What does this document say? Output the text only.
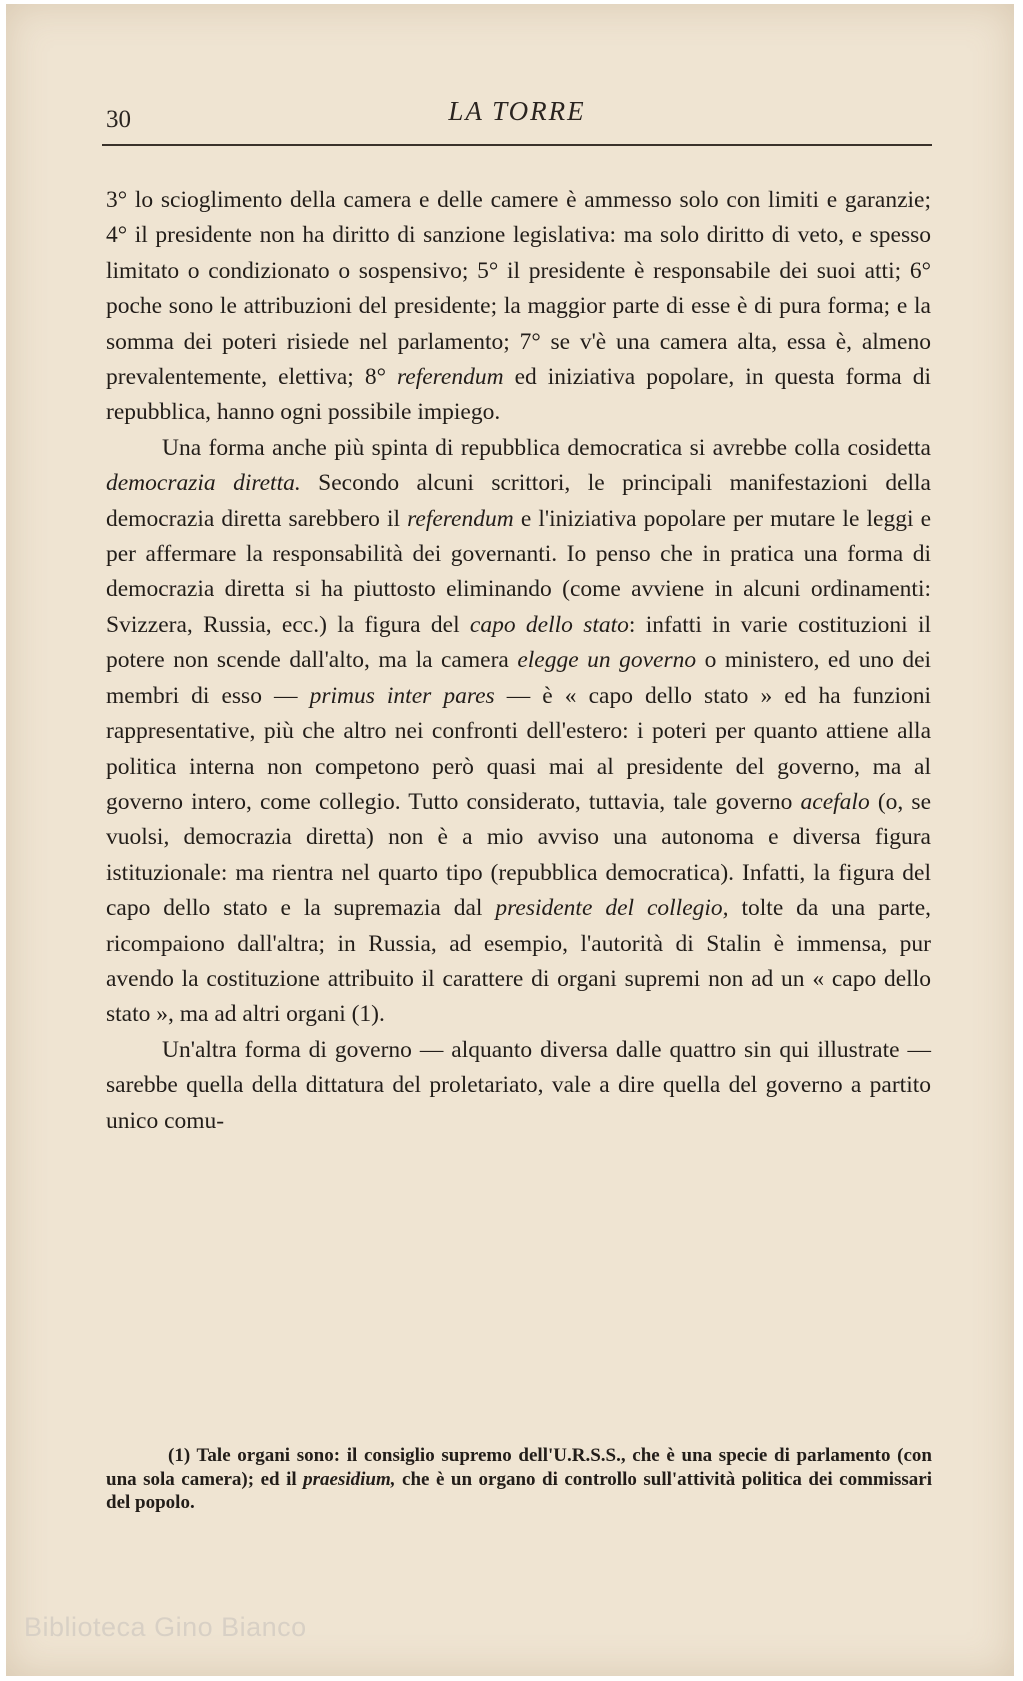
30	LA TORRE

3° lo scioglimento della camera e delle camere è ammesso solo con limiti e garanzie; 4° il presidente non ha diritto di sanzione legislativa: ma solo diritto di veto, e spesso limitato o condizionato o sospensivo; 5° il presidente è responsabile dei suoi atti; 6° poche sono le attribuzioni del presidente; la maggior parte di esse è di pura forma; e la somma dei poteri risiede nel parlamento; 7° se v'è una camera alta, essa è, almeno prevalentemente, elettiva; 8° referendum ed iniziativa popolare, in questa forma di repubblica, hanno ogni possibile impiego.

Una forma anche più spinta di repubblica democratica si avrebbe colla cosidetta democrazia diretta. Secondo alcuni scrittori, le principali manifestazioni della democrazia diretta sarebbero il referendum e l'iniziativa popolare per mutare le leggi e per affermare la responsabilità dei governanti. Io penso che in pratica una forma di democrazia diretta si ha piuttosto eliminando (come avviene in alcuni ordinamenti: Svizzera, Russia, ecc.) la figura del capo dello stato: infatti in varie costituzioni il potere non scende dall'alto, ma la camera elegge un governo o ministero, ed uno dei membri di esso — primus inter pares — è « capo dello stato » ed ha funzioni rappresentative, più che altro nei confronti dell'estero: i poteri per quanto attiene alla politica interna non competono però quasi mai al presidente del governo, ma al governo intero, come collegio. Tutto considerato, tuttavia, tale governo acefalo (o, se vuolsi, democrazia diretta) non è a mio avviso una autonoma e diversa figura istituzionale: ma rientra nel quarto tipo (repubblica democratica). Infatti, la figura del capo dello stato e la supremazia dal presidente del collegio, tolte da una parte, ricompaiono dall'altra; in Russia, ad esempio, l'autorità di Stalin è immensa, pur avendo la costituzione attribuito il carattere di organi supremi non ad un « capo dello stato », ma ad altri organi (1).

Un'altra forma di governo — alquanto diversa dalle quattro sin qui illustrate — sarebbe quella della dittatura del proletariato, vale a dire quella del governo a partito unico comu-

(1) Tale organi sono: il consiglio supremo dell'U.R.S.S., che è una specie di parlamento (con una sola camera); ed il praesidium, che è un organo di controllo sull'attività politica dei commissari del popolo.

Biblioteca Gino Bianco
